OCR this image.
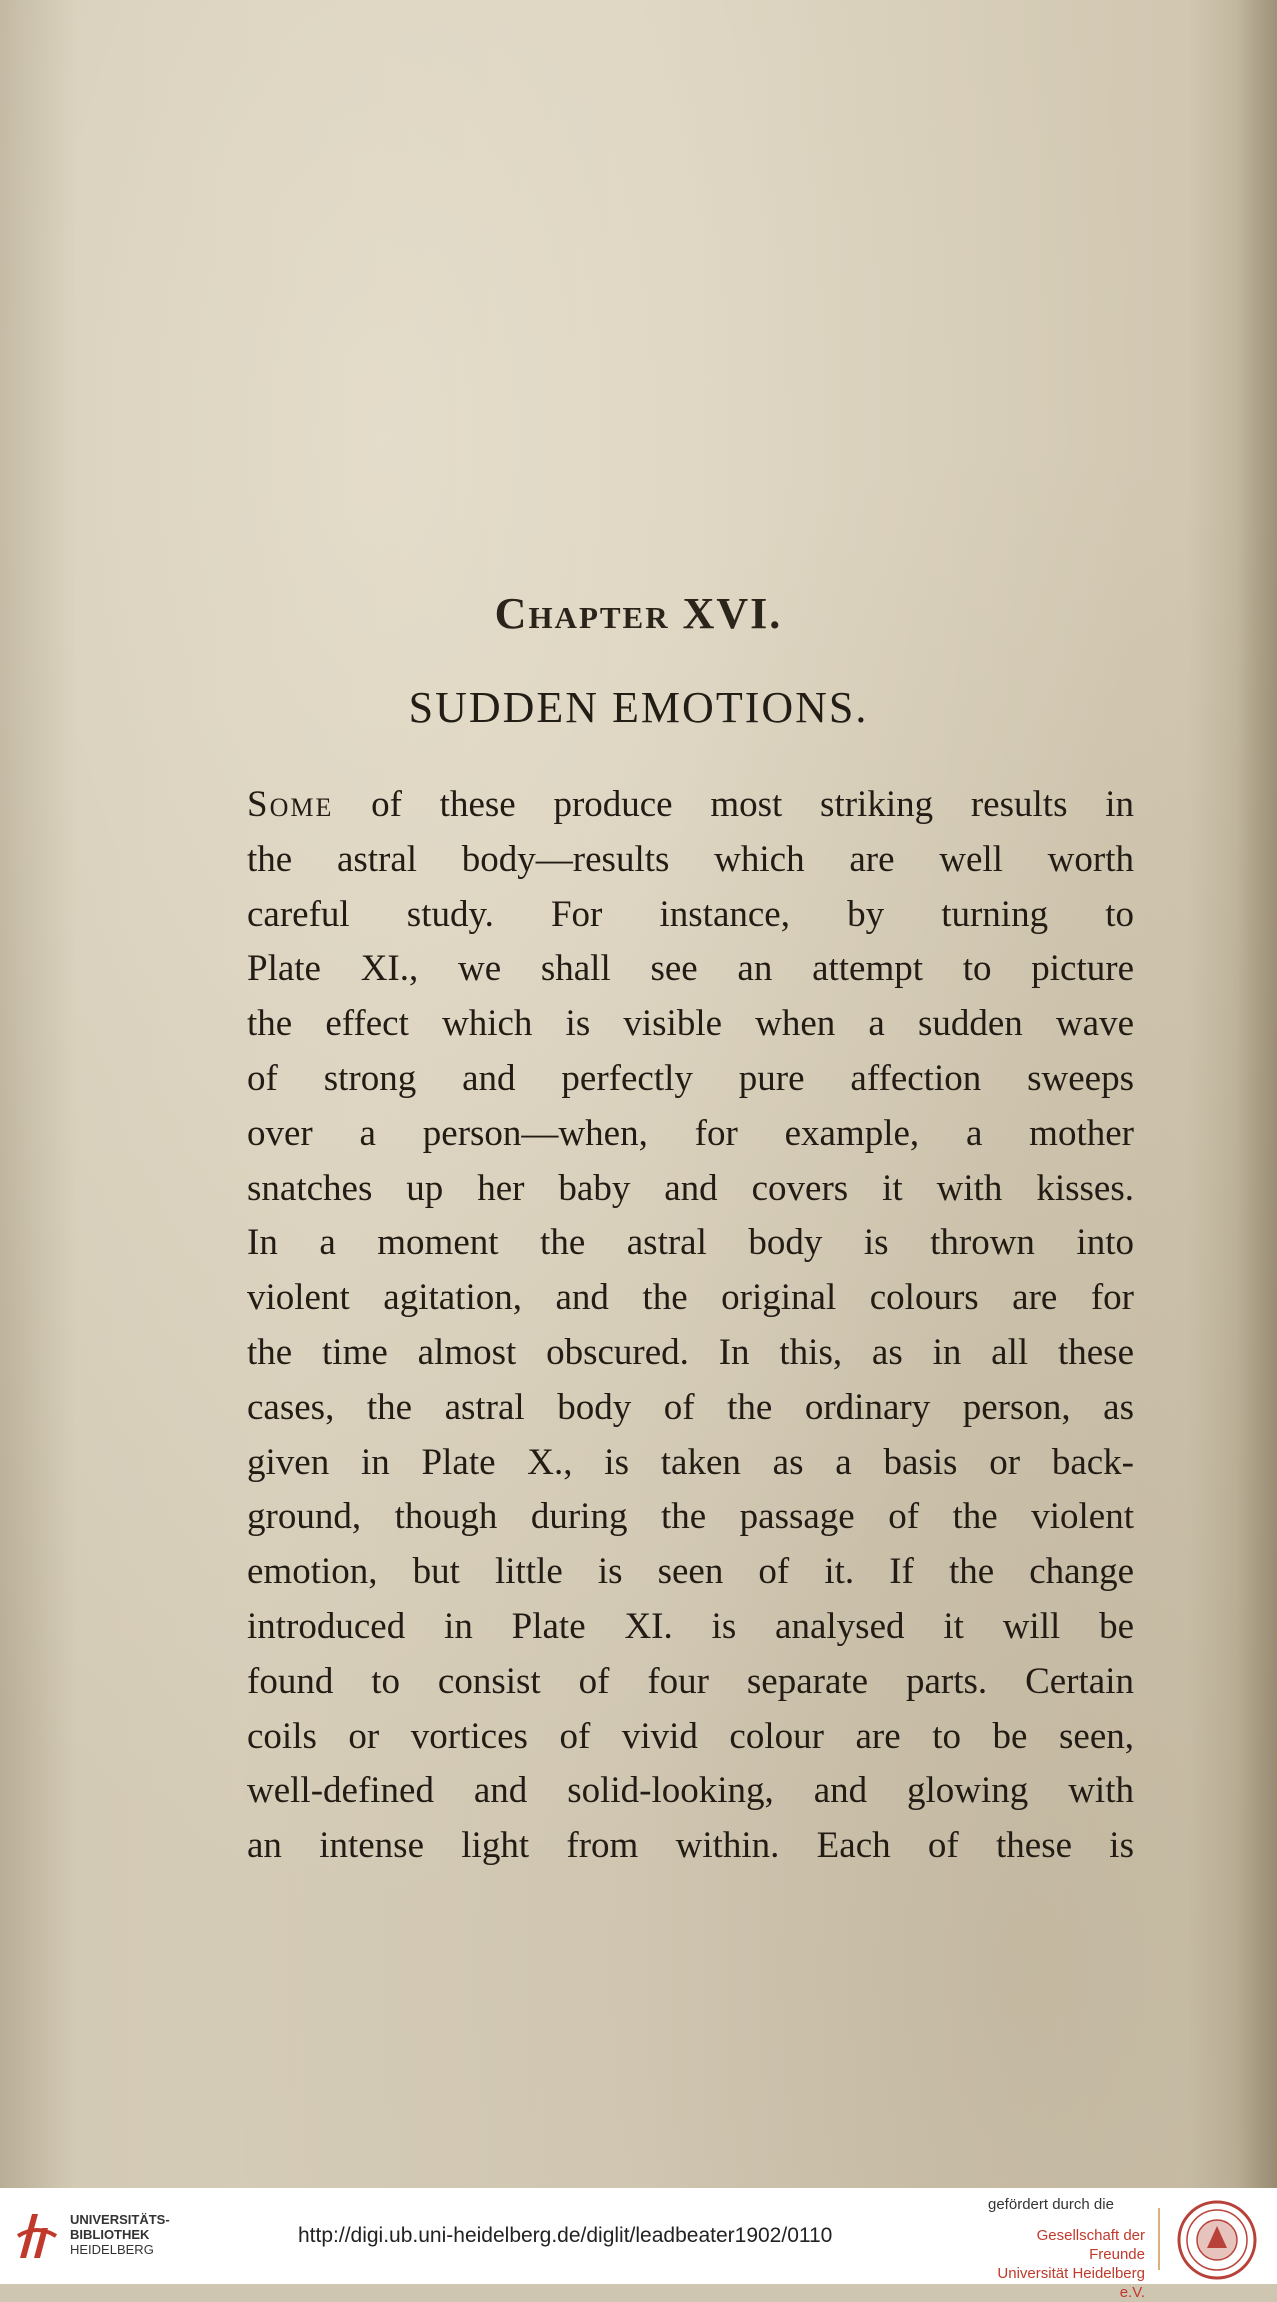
Chapter XVI.
SUDDEN EMOTIONS.
Some of these produce most striking results in
the astral body—results which are well worth
careful study. For instance, by turning to
Plate XI., we shall see an attempt to picture
the effect which is visible when a sudden wave
of strong and perfectly pure affection sweeps
over a person—when, for example, a mother
snatches up her baby and covers it with kisses.
In a moment the astral body is thrown into
violent agitation, and the original colours are for
the time almost obscured. In this, as in all these
cases, the astral body of the ordinary person, as
given in Plate X., is taken as a basis or back-
ground, though during the passage of the violent
emotion, but little is seen of it. If the change
introduced in Plate XI. is analysed it will be
found to consist of four separate parts. Certain
coils or vortices of vivid colour are to be seen,
well-defined and solid-looking, and glowing with
an intense light from within. Each of these is
UNIVERSITÄTS-
BIBLIOTHEK
HEIDELBERG
http://digi.ub.uni-heidelberg.de/diglit/leadbeater1902/0110
gefördert durch die
Gesellschaft der Freunde
Universität Heidelberg e.V.
